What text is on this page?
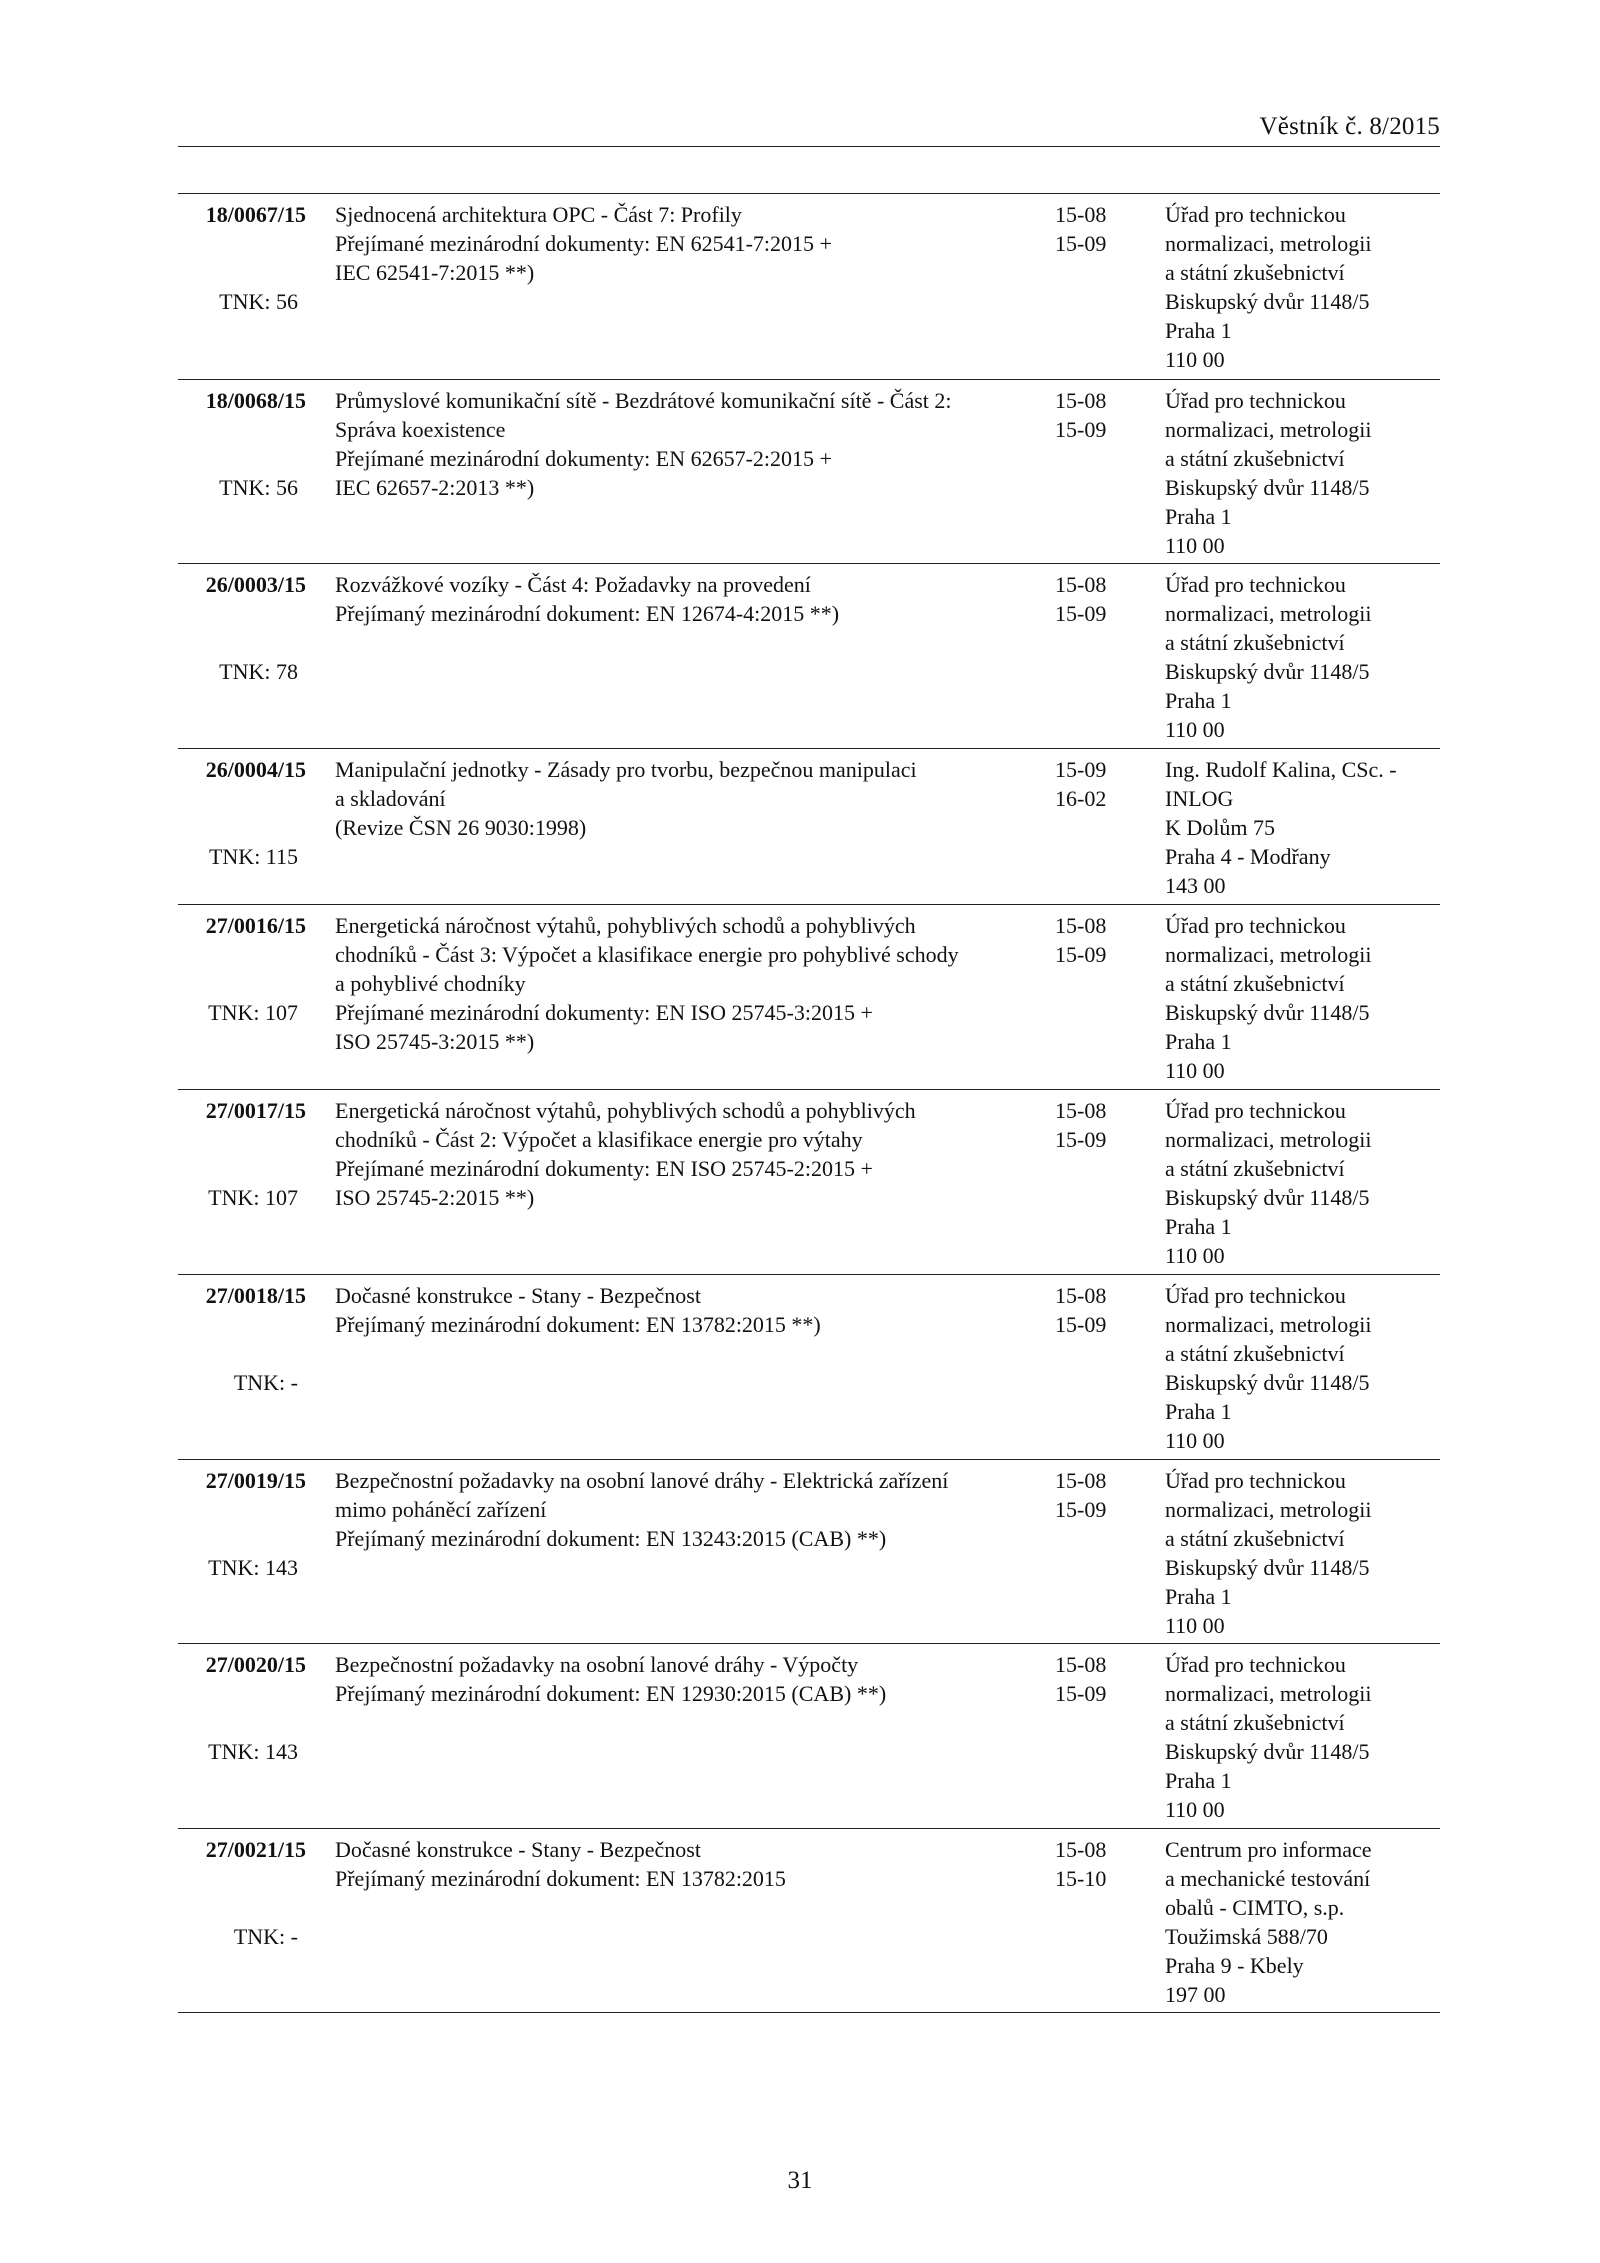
Věstník č. 8/2015
18/0067/15
TNK: 56
Sjednocená architektura OPC - Část 7: Profily
Přejímané mezinárodní dokumenty: EN 62541-7:2015 +
IEC 62541-7:2015 **)
15-08
15-09
Úřad pro technickou
normalizaci, metrologii
a státní zkušebnictví
Biskupský dvůr 1148/5
Praha 1
110 00
18/0068/15
TNK: 56
Průmyslové komunikační sítě - Bezdrátové komunikační sítě - Část 2:
Správa koexistence
Přejímané mezinárodní dokumenty: EN 62657-2:2015 +
IEC 62657-2:2013 **)
15-08
15-09
Úřad pro technickou
normalizaci, metrologii
a státní zkušebnictví
Biskupský dvůr 1148/5
Praha 1
110 00
26/0003/15
TNK: 78
Rozvážkové vozíky - Část 4: Požadavky na provedení
Přejímaný mezinárodní dokument: EN 12674-4:2015 **)
15-08
15-09
Úřad pro technickou
normalizaci, metrologii
a státní zkušebnictví
Biskupský dvůr 1148/5
Praha 1
110 00
26/0004/15
TNK: 115
Manipulační jednotky - Zásady pro tvorbu, bezpečnou manipulaci
a skladování
(Revize ČSN 26 9030:1998)
15-09
16-02
Ing. Rudolf Kalina, CSc. -
INLOG
K Dolům 75
Praha 4 - Modřany
143 00
27/0016/15
TNK: 107
Energetická náročnost výtahů, pohyblivých schodů a pohyblivých
chodníků - Část 3: Výpočet a klasifikace energie pro pohyblivé schody
a pohyblivé chodníky
Přejímané mezinárodní dokumenty: EN ISO 25745-3:2015 +
ISO 25745-3:2015 **)
15-08
15-09
Úřad pro technickou
normalizaci, metrologii
a státní zkušebnictví
Biskupský dvůr 1148/5
Praha 1
110 00
27/0017/15
TNK: 107
Energetická náročnost výtahů, pohyblivých schodů a pohyblivých
chodníků - Část 2: Výpočet a klasifikace energie pro výtahy
Přejímané mezinárodní dokumenty: EN ISO 25745-2:2015 +
ISO 25745-2:2015 **)
15-08
15-09
Úřad pro technickou
normalizaci, metrologii
a státní zkušebnictví
Biskupský dvůr 1148/5
Praha 1
110 00
27/0018/15
TNK: -
Dočasné konstrukce - Stany - Bezpečnost
Přejímaný mezinárodní dokument: EN 13782:2015 **)
15-08
15-09
Úřad pro technickou
normalizaci, metrologii
a státní zkušebnictví
Biskupský dvůr 1148/5
Praha 1
110 00
27/0019/15
TNK: 143
Bezpečnostní požadavky na osobní lanové dráhy - Elektrická zařízení
mimo poháněcí zařízení
Přejímaný mezinárodní dokument: EN 13243:2015 (CAB) **)
15-08
15-09
Úřad pro technickou
normalizaci, metrologii
a státní zkušebnictví
Biskupský dvůr 1148/5
Praha 1
110 00
27/0020/15
TNK: 143
Bezpečnostní požadavky na osobní lanové dráhy - Výpočty
Přejímaný mezinárodní dokument: EN 12930:2015 (CAB) **)
15-08
15-09
Úřad pro technickou
normalizaci, metrologii
a státní zkušebnictví
Biskupský dvůr 1148/5
Praha 1
110 00
27/0021/15
TNK: -
Dočasné konstrukce - Stany - Bezpečnost
Přejímaný mezinárodní dokument: EN 13782:2015
15-08
15-10
Centrum pro informace
a mechanické testování
obalů - CIMTO, s.p.
Toužimská 588/70
Praha 9 - Kbely
197 00
31
